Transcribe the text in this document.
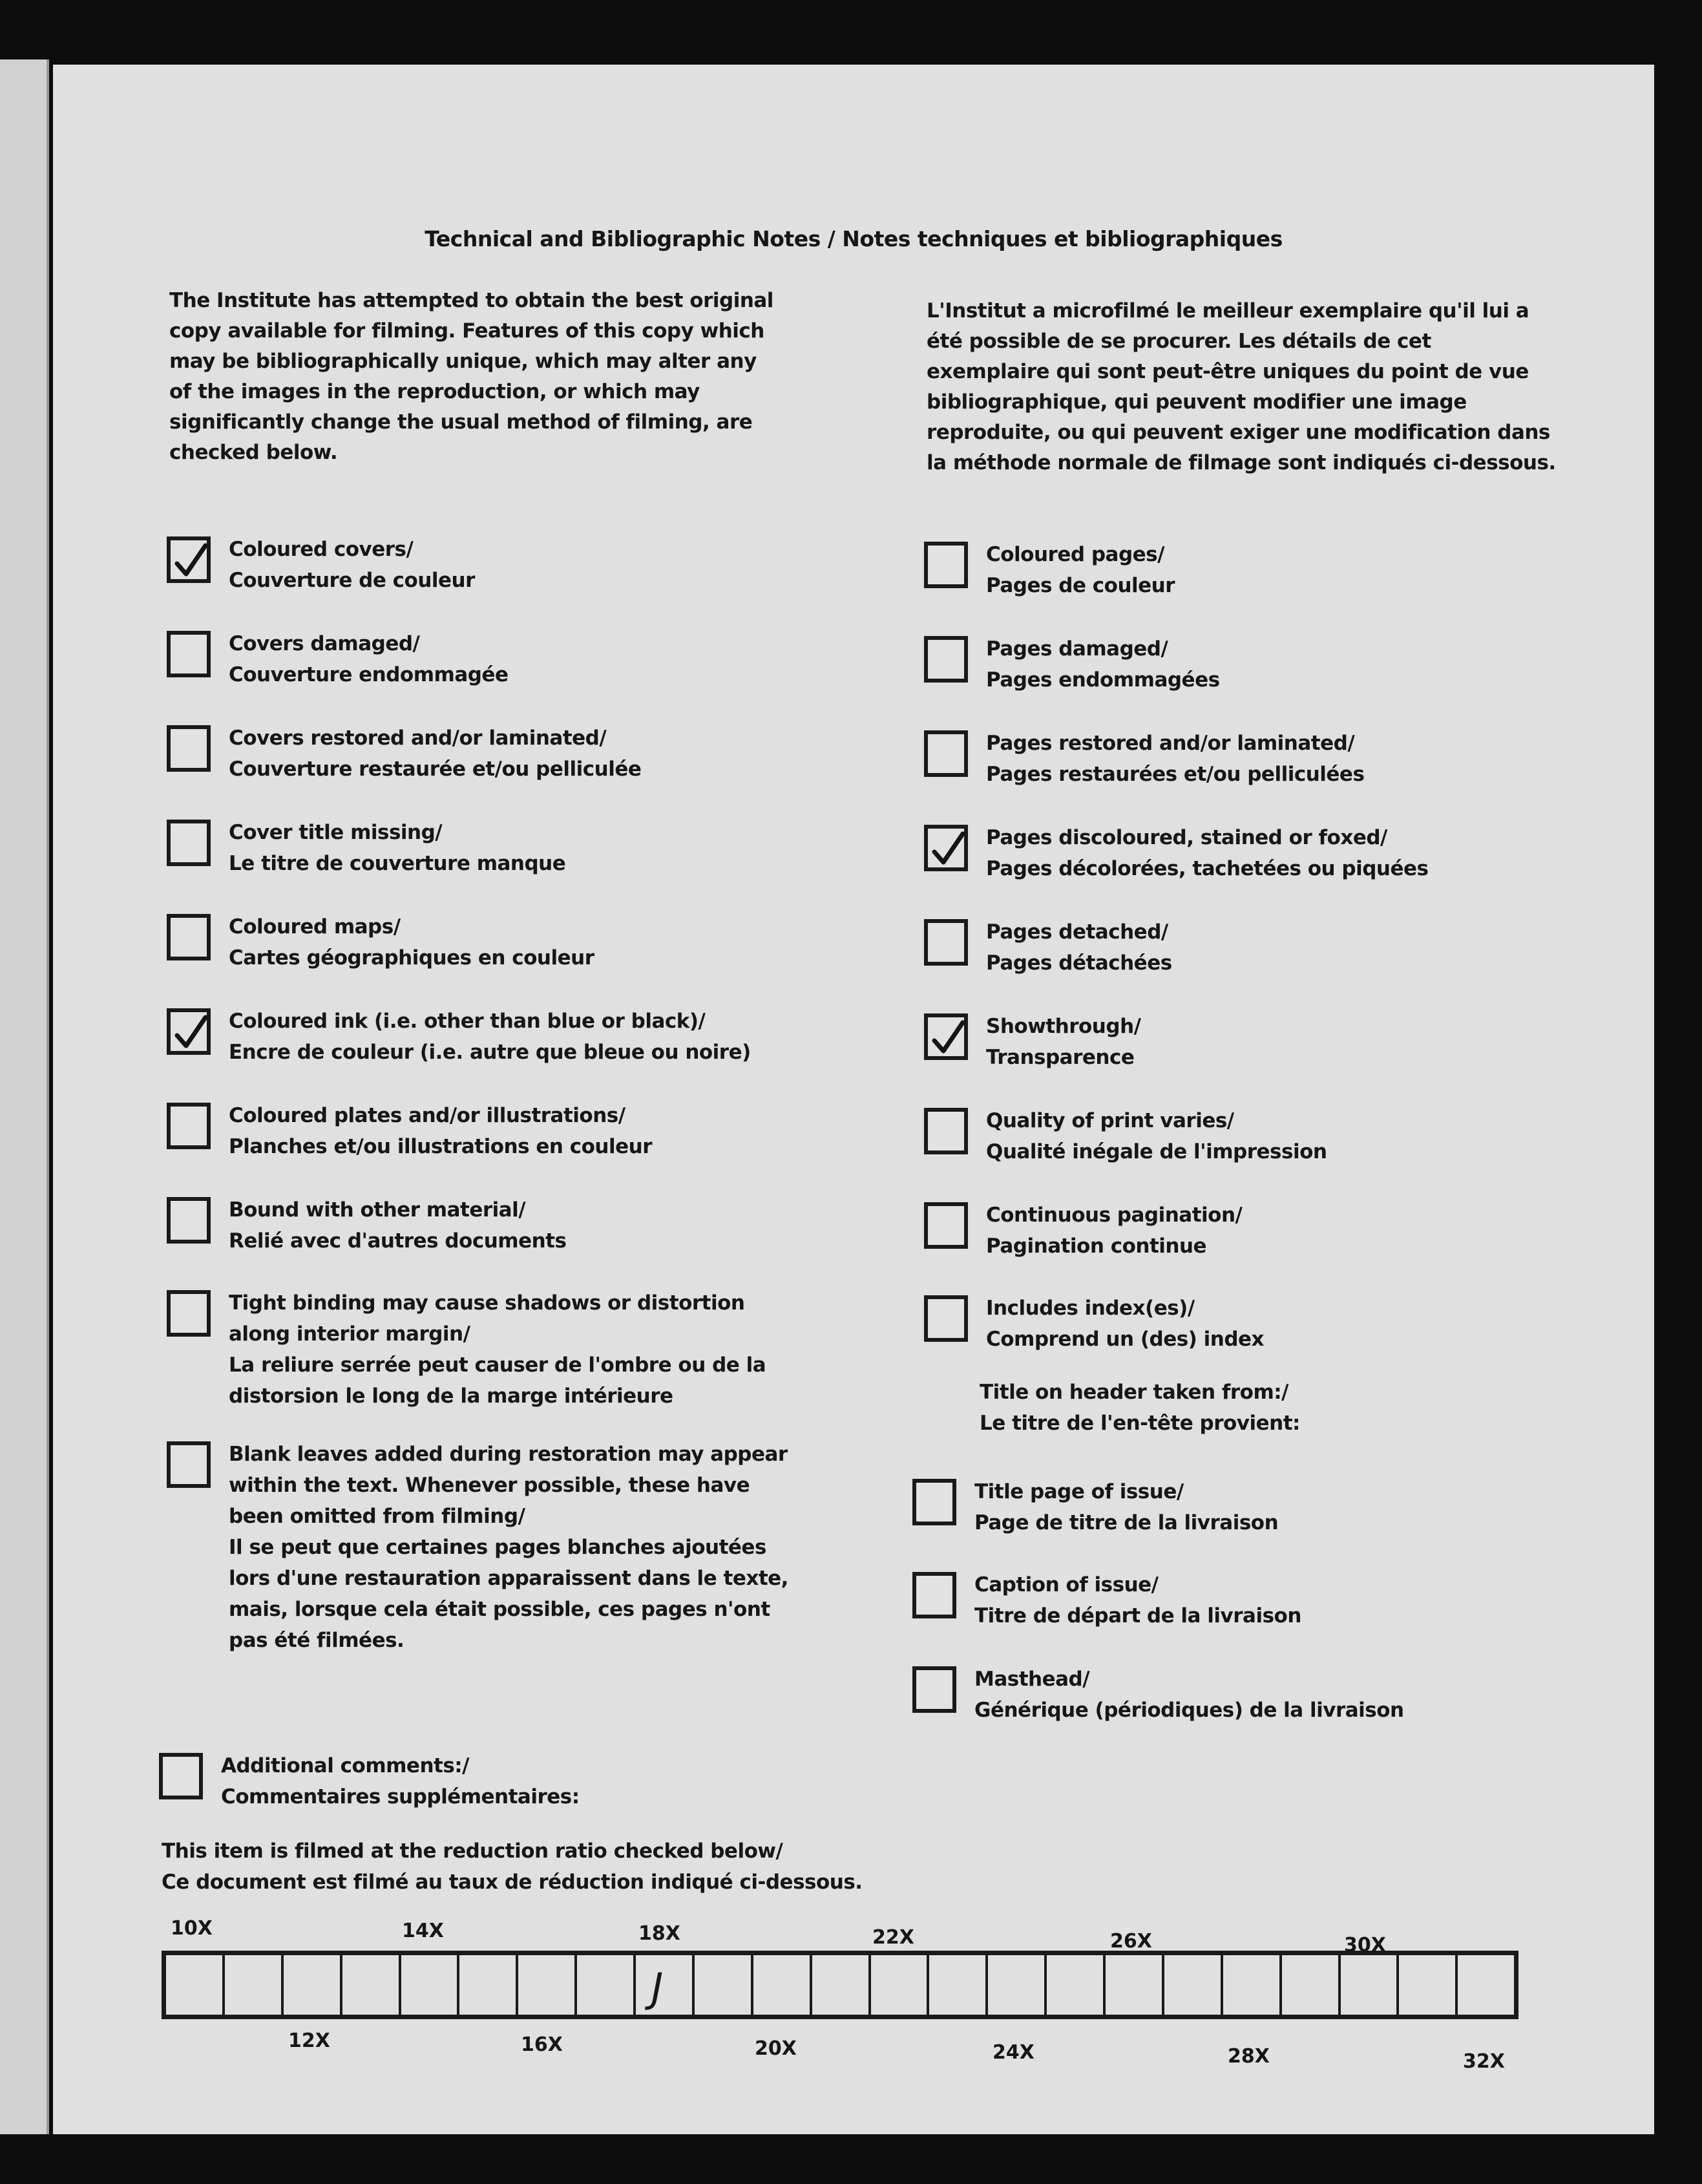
Technical and Bibliographic Notes / Notes techniques et bibliographiques
The Institute has attempted to obtain the best original copy available for filming. Features of this copy which may be bibliographically unique, which may alter any of the images in the reproduction, or which may significantly change the usual method of filming, are checked below.
L'Institut a microfilmé le meilleur exemplaire qu'il lui a été possible de se procurer. Les détails de cet exemplaire qui sont peut-être uniques du point de vue bibliographique, qui peuvent modifier une image reproduite, ou qui peuvent exiger une modification dans la méthode normale de filmage sont indiqués ci-dessous.
Coloured covers/
Couverture de couleur
Covers damaged/
Couverture endommagée
Covers restored and/or laminated/
Couverture restaurée et/ou pelliculée
Cover title missing/
Le titre de couverture manque
Coloured maps/
Cartes géographiques en couleur
Coloured ink (i.e. other than blue or black)/
Encre de couleur (i.e. autre que bleue ou noire)
Coloured plates and/or illustrations/
Planches et/ou illustrations en couleur
Bound with other material/
Relié avec d'autres documents
Tight binding may cause shadows or distortion
along interior margin/
La reliure serrée peut causer de l'ombre ou de la
distorsion le long de la marge intérieure
Blank leaves added during restoration may appear
within the text. Whenever possible, these have
been omitted from filming/
Il se peut que certaines pages blanches ajoutées
lors d'une restauration apparaissent dans le texte,
mais, lorsque cela était possible, ces pages n'ont
pas été filmées.
Coloured pages/
Pages de couleur
Pages damaged/
Pages endommagées
Pages restored and/or laminated/
Pages restaurées et/ou pelliculées
Pages discoloured, stained or foxed/
Pages décolorées, tachetées ou piquées
Pages detached/
Pages détachées
Showthrough/
Transparence
Quality of print varies/
Qualité inégale de l'impression
Continuous pagination/
Pagination continue
Includes index(es)/
Comprend un (des) index
Title on header taken from:/
Le titre de l'en-tête provient:
Title page of issue/
Page de titre de la livraison
Caption of issue/
Titre de départ de la livraison
Masthead/
Générique (périodiques) de la livraison
Additional comments:/
Commentaires supplémentaires:
This item is filmed at the reduction ratio checked below/
Ce document est filmé au taux de réduction indiqué ci-dessous.
10X	14X	18X	22X	26X	30X
J
12X	16X	20X	24X	28X	32X
